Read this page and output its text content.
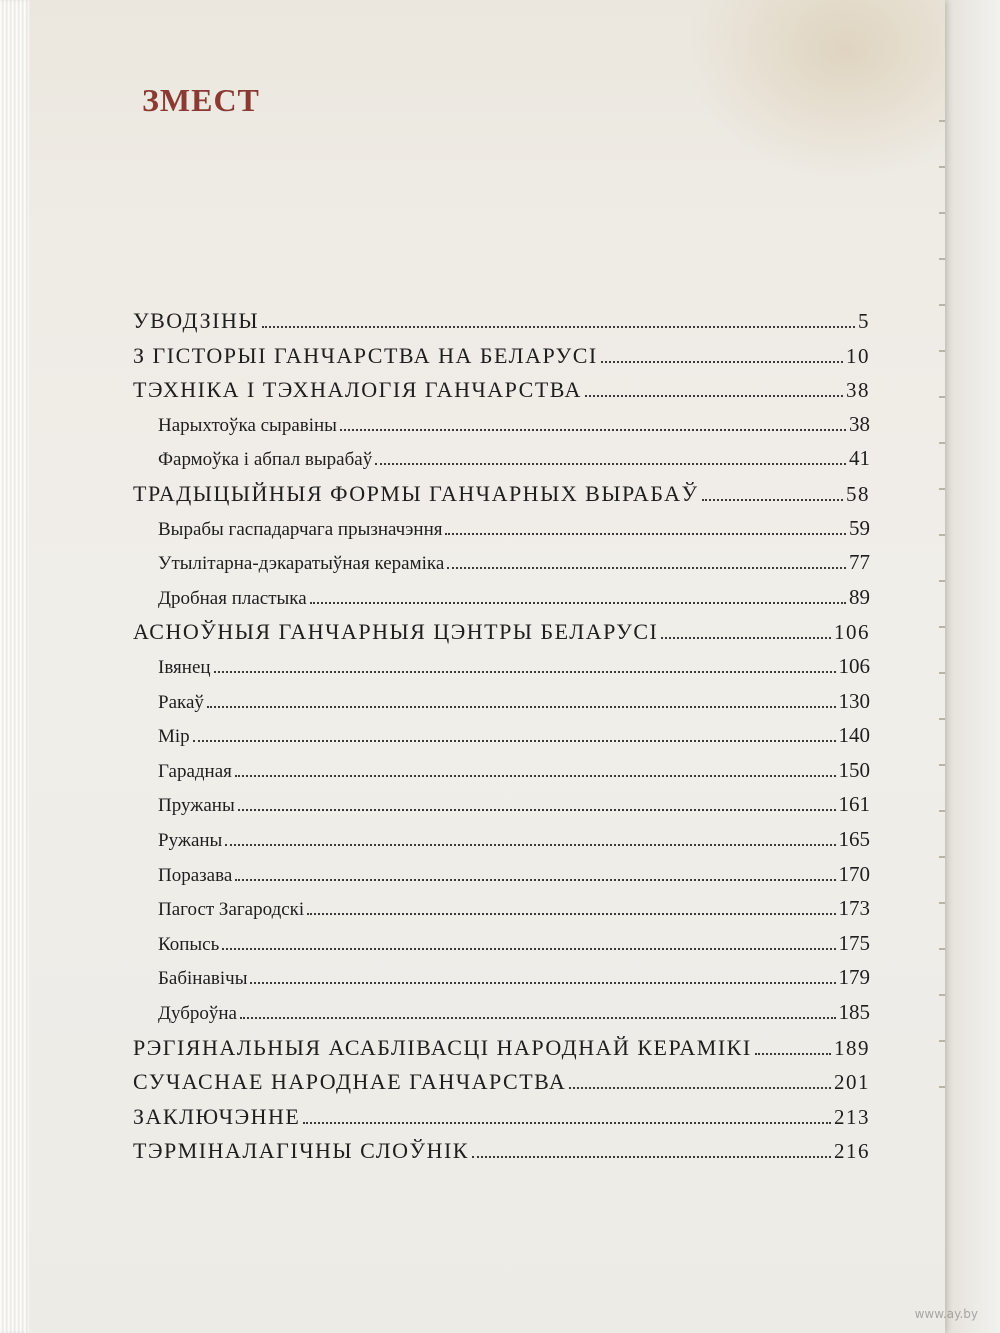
ЗМЕСТ
УВОДЗІНЫ	5
З ГІСТОРЫІ ГАНЧАРСТВА НА БЕЛАРУСІ	10
ТЭХНІКА І ТЭХНАЛОГІЯ ГАНЧАРСТВА	38
Нарыхтоўка сыравіны	38
Фармоўка і абпал вырабаў	41
ТРАДЫЦЫЙНЫЯ ФОРМЫ ГАНЧАРНЫХ ВЫРАБАЎ	58
Вырабы гаспадарчага прызначэння	59
Утылітарна-дэкаратыўная кераміка	77
Дробная пластыка	89
АСНОЎНЫЯ ГАНЧАРНЫЯ ЦЭНТРЫ БЕЛАРУСІ	106
Івянец	106
Ракаў	130
Мір	140
Гарадная	150
Пружаны	161
Ружаны	165
Поразава	170
Пагост Загародскі	173
Копысь	175
Бабінавічы	179
Дуброўна	185
РЭГІЯНАЛЬНЫЯ АСАБЛІВАСЦІ НАРОДНАЙ КЕРАМІКІ	189
СУЧАСНАЕ НАРОДНАЕ ГАНЧАРСТВА	201
ЗАКЛЮЧЭННЕ	213
ТЭРМІНАЛАГІЧНЫ СЛОЎНІК	216
www.ay.by
